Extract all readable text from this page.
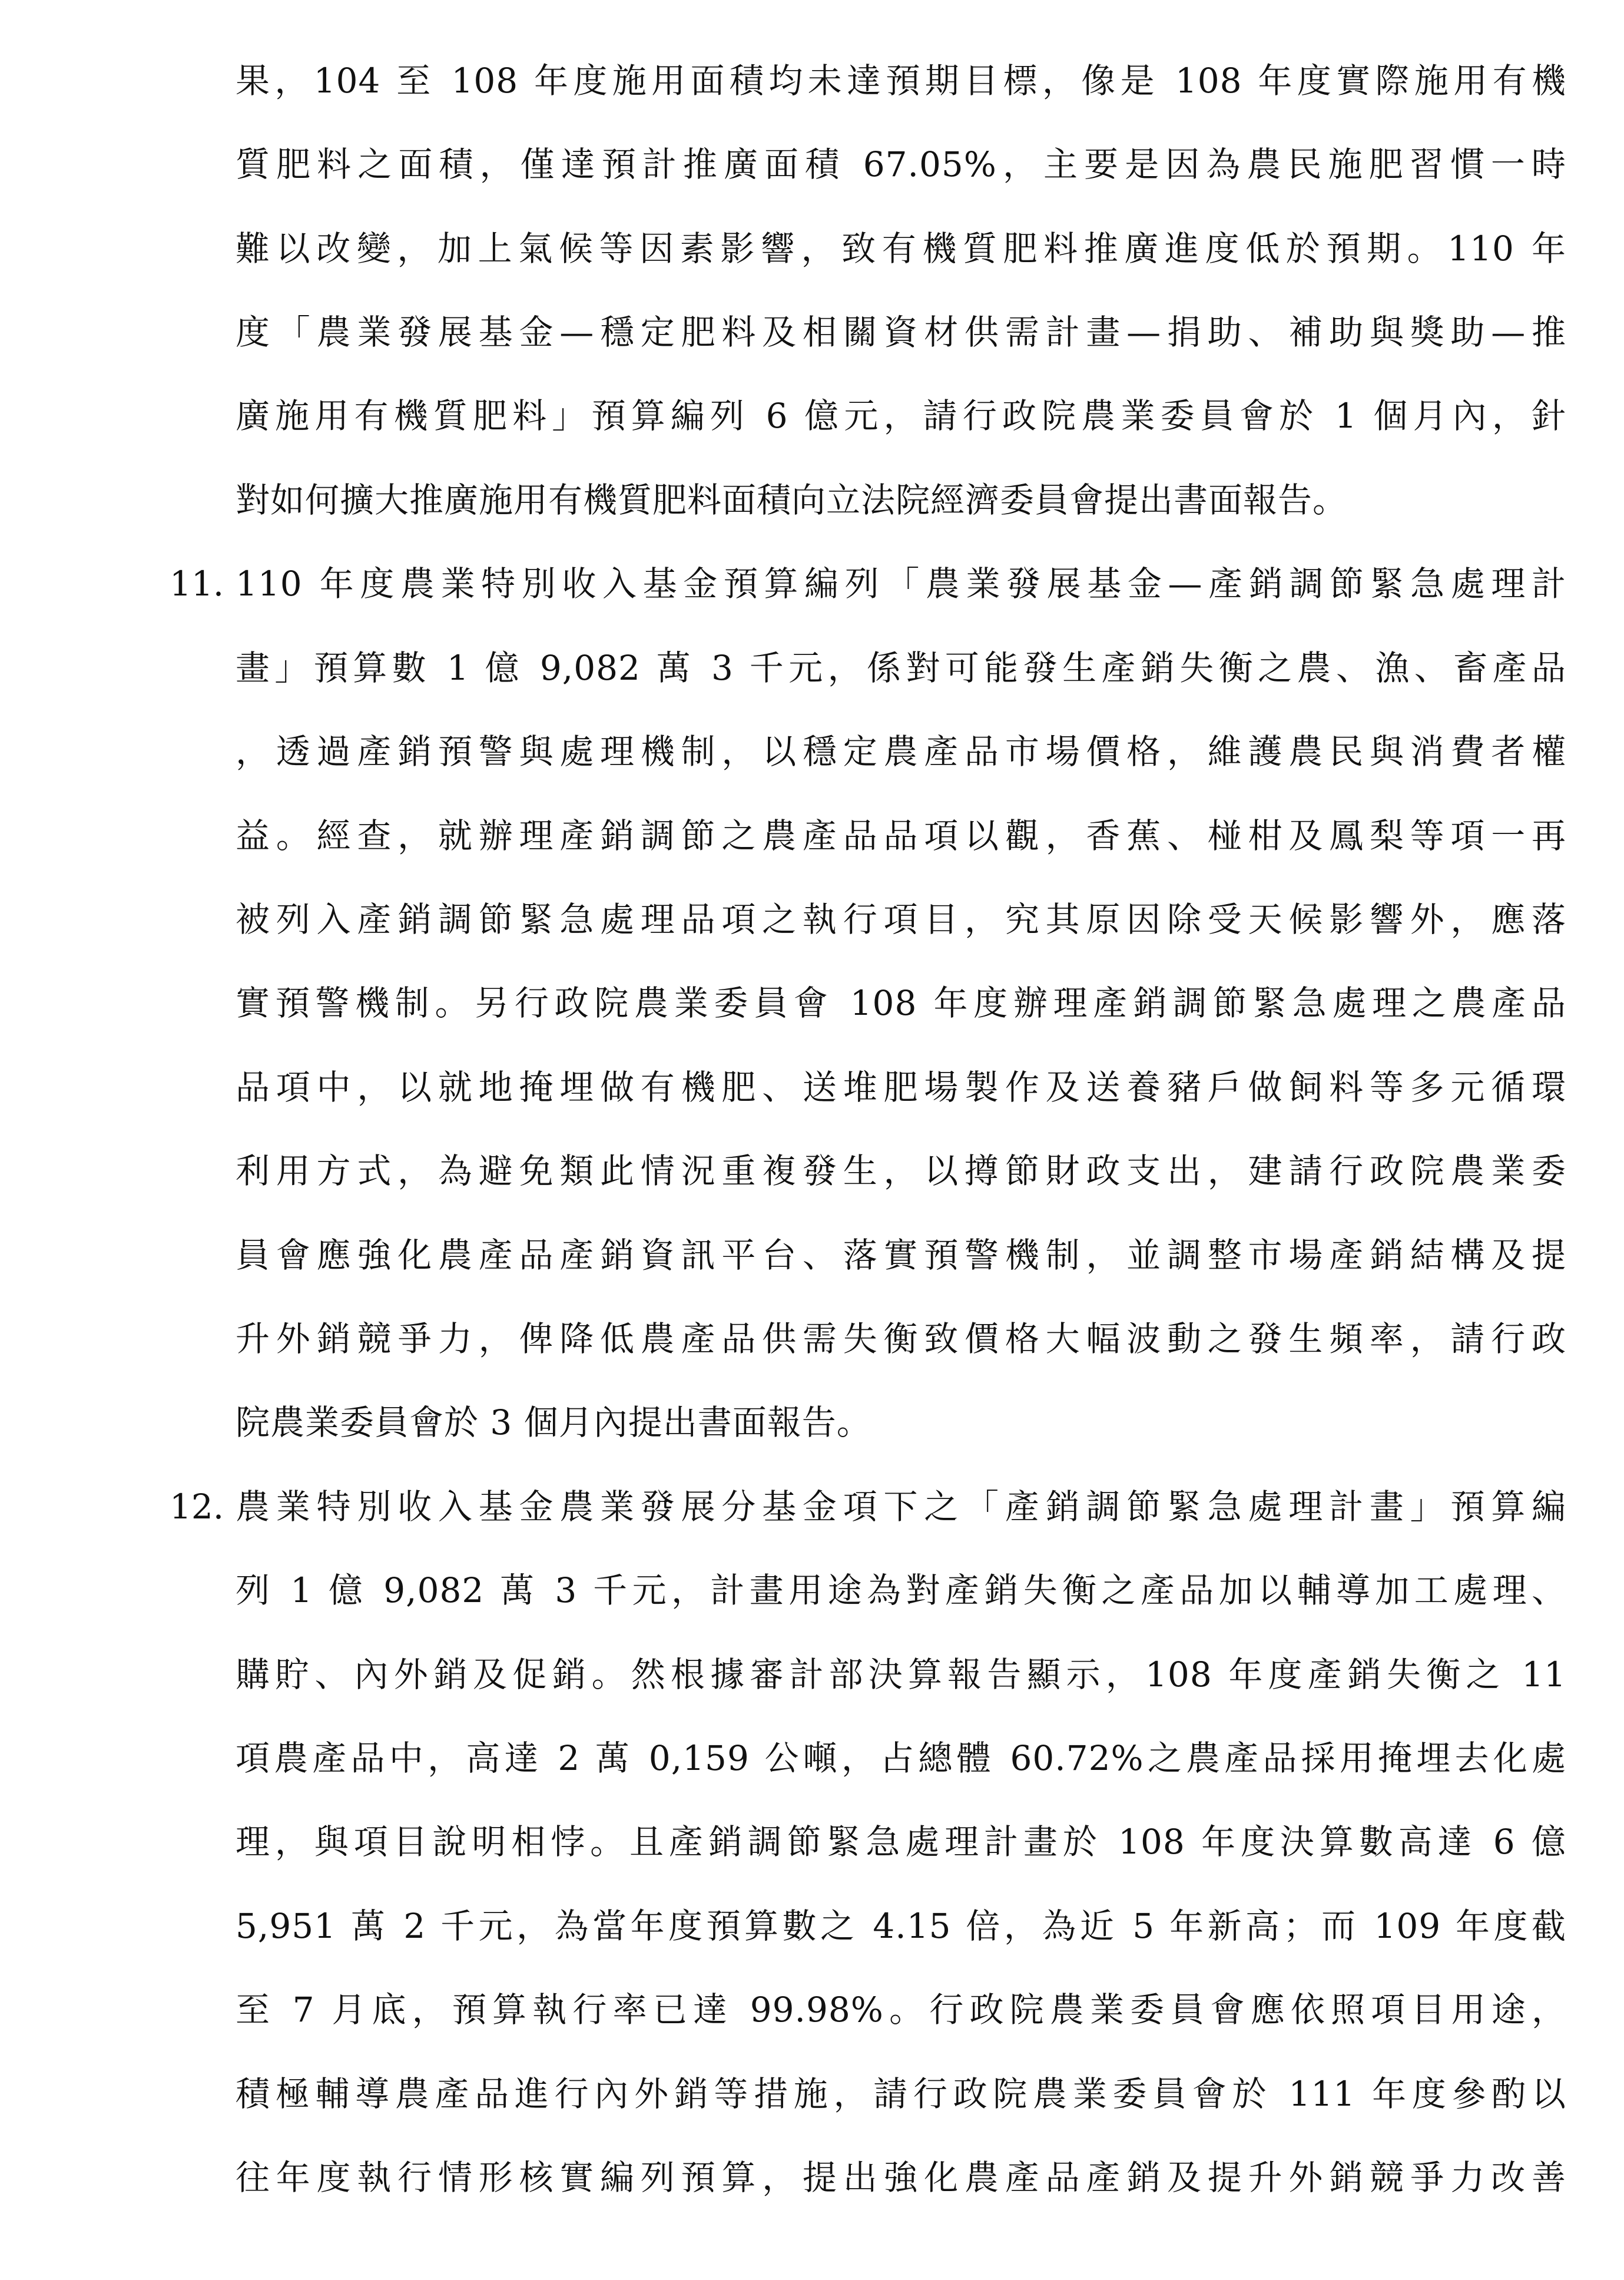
果，104 至 108 年度施用面積均未達預期目標，像是 108 年度實際施用有機
質肥料之面積，僅達預計推廣面積 67.05%，主要是因為農民施肥習慣一時
難以改變，加上氣候等因素影響，致有機質肥料推廣進度低於預期。110 年
度「農業發展基金—穩定肥料及相關資材供需計畫—捐助、補助與獎助—推
廣施用有機質肥料」預算編列 6 億元，請行政院農業委員會於 1 個月內，針
對如何擴大推廣施用有機質肥料面積向立法院經濟委員會提出書面報告。
11. 110 年度農業特別收入基金預算編列「農業發展基金—產銷調節緊急處理計
畫」預算數 1 億 9,082 萬 3 千元，係對可能發生產銷失衡之農、漁、畜產品
，透過產銷預警與處理機制，以穩定農產品市場價格，維護農民與消費者權
益。經查，就辦理產銷調節之農產品品項以觀，香蕉、椪柑及鳳梨等項一再
被列入產銷調節緊急處理品項之執行項目，究其原因除受天候影響外，應落
實預警機制。另行政院農業委員會 108 年度辦理產銷調節緊急處理之農產品
品項中，以就地掩埋做有機肥、送堆肥場製作及送養豬戶做飼料等多元循環
利用方式，為避免類此情況重複發生，以撙節財政支出，建請行政院農業委
員會應強化農產品產銷資訊平台、落實預警機制，並調整市場產銷結構及提
升外銷競爭力，俾降低農產品供需失衡致價格大幅波動之發生頻率，請行政
院農業委員會於 3 個月內提出書面報告。
12. 農業特別收入基金農業發展分基金項下之「產銷調節緊急處理計畫」預算編
列 1 億 9,082 萬 3 千元，計畫用途為對產銷失衡之產品加以輔導加工處理、
購貯、內外銷及促銷。然根據審計部決算報告顯示，108 年度產銷失衡之 11
項農產品中，高達 2 萬 0,159 公噸，占總體 60.72%之農產品採用掩埋去化處
理，與項目說明相悖。且產銷調節緊急處理計畫於 108 年度決算數高達 6 億
5,951 萬 2 千元，為當年度預算數之 4.15 倍，為近 5 年新高；而 109 年度截
至 7 月底，預算執行率已達 99.98%。行政院農業委員會應依照項目用途，
積極輔導農產品進行內外銷等措施，請行政院農業委員會於 111 年度參酌以
往年度執行情形核實編列預算，提出強化農產品產銷及提升外銷競爭力改善
